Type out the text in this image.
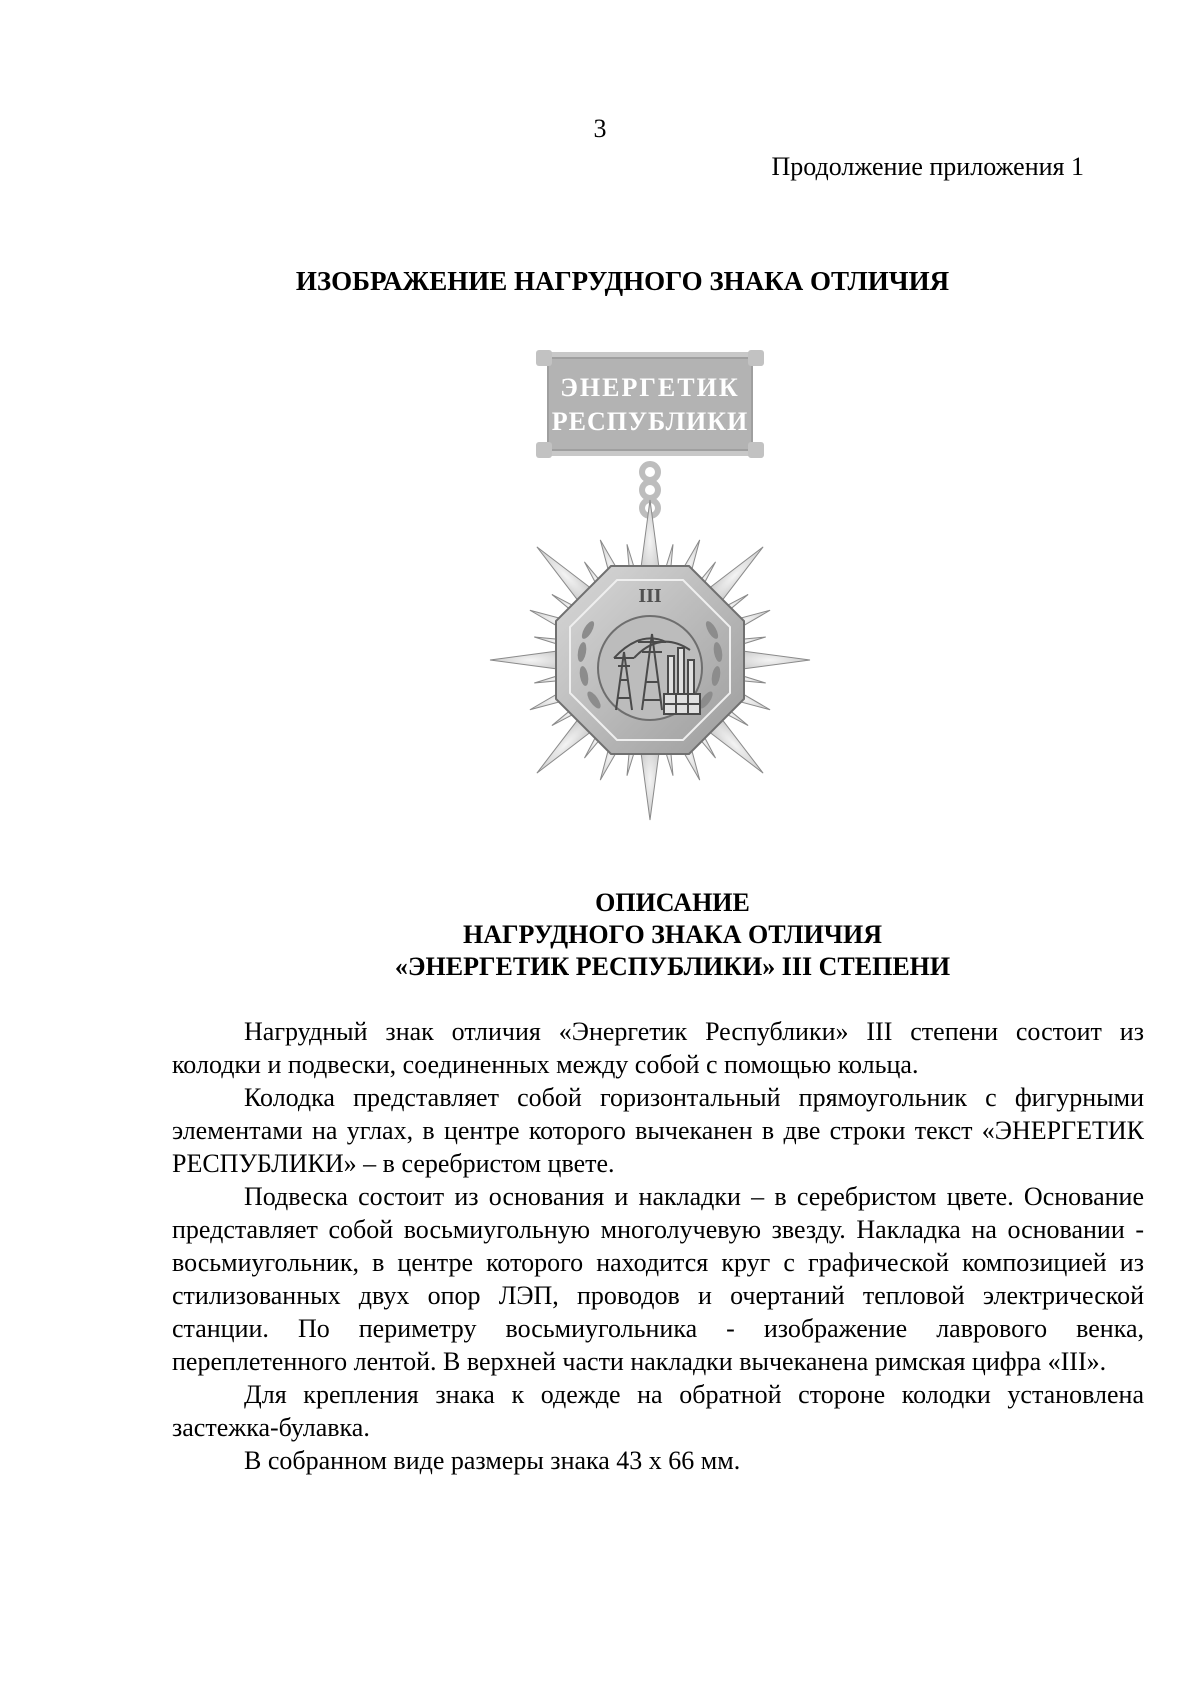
3
Продолжение приложения 1
ИЗОБРАЖЕНИЕ НАГРУДНОГО ЗНАКА ОТЛИЧИЯ
ЭНЕРГЕТИК
РЕСПУБЛИКИ
III
ОПИСАНИЕ
НАГРУДНОГО ЗНАКА ОТЛИЧИЯ
«ЭНЕРГЕТИК РЕСПУБЛИКИ» III СТЕПЕНИ

Нагрудный знак отличия «Энергетик Республики» III степени состоит из колодки и подвески, соединенных между собой с помощью кольца.

Колодка представляет собой горизонтальный прямоугольник с фигурными элементами на углах, в центре которого вычеканен в две строки текст «ЭНЕРГЕТИК РЕСПУБЛИКИ» – в серебристом цвете.

Подвеска состоит из основания и накладки – в серебристом цвете. Основание представляет собой восьмиугольную многолучевую звезду. Накладка на основании - восьмиугольник, в центре которого находится круг с графической композицией из стилизованных двух опор ЛЭП, проводов и очертаний тепловой электрической станции. По периметру восьмиугольника - изображение лаврового венка, переплетенного лентой. В верхней части накладки вычеканена римская цифра «III».

Для крепления знака к одежде на обратной стороне колодки установлена застежка-булавка.

В собранном виде размеры знака 43 х 66 мм.
